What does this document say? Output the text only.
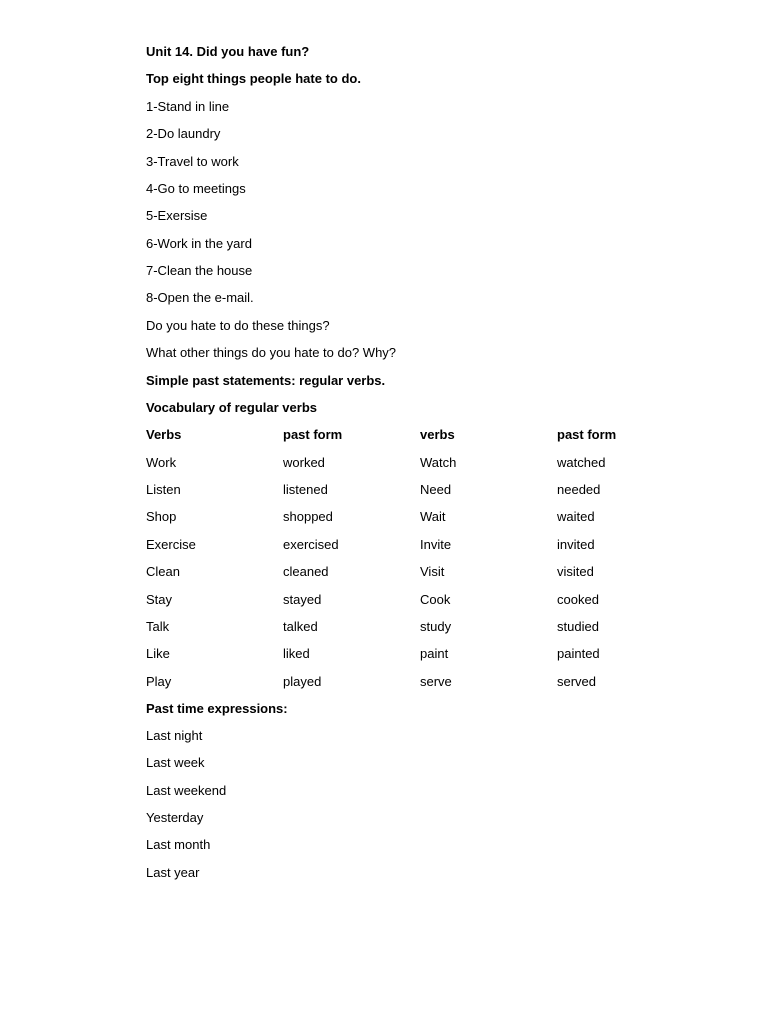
Unit 14. Did you have fun?
Top eight things people hate to do.
1-Stand in line
2-Do laundry
3-Travel to work
4-Go to meetings
5-Exersise
6-Work in the yard
7-Clean the house
8-Open the e-mail.
Do you hate to do these things?
What other things do you hate to do? Why?
Simple past statements: regular verbs.
Vocabulary of regular verbs
Verbs	past form	verbs	past form
Work	worked	Watch	watched
Listen	listened	Need	needed
Shop	shopped	Wait	waited
Exercise	exercised	Invite	invited
Clean	cleaned	Visit	visited
Stay	stayed	Cook	cooked
Talk	talked	study	studied
Like	liked	paint	painted
Play	played	serve	served
Past time expressions:
Last night
Last week
Last weekend
Yesterday
Last month
Last year
